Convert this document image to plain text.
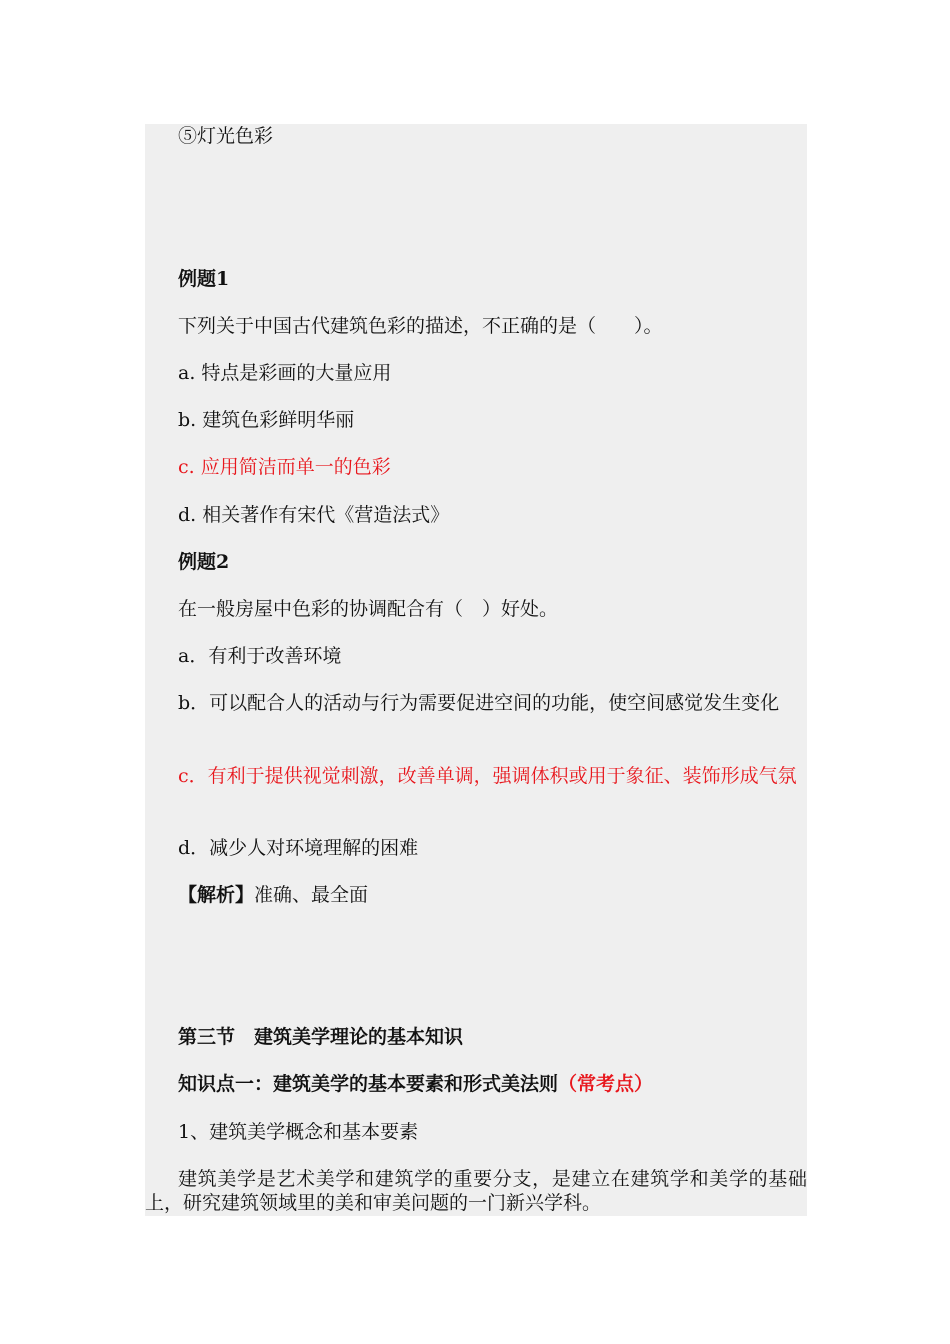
⑤灯光色彩
例题1
下列关于中国古代建筑色彩的描述，不正确的是（　　）。
a. 特点是彩画的大量应用
b. 建筑色彩鲜明华丽
c. 应用简洁而单一的色彩
d. 相关著作有宋代《营造法式》
例题2
在一般房屋中色彩的协调配合有（　）好处。
a．有利于改善环境
b．可以配合人的活动与行为需要促进空间的功能，使空间感觉发生变化
c．有利于提供视觉刺激，改善单调，强调体积或用于象征、装饰形成气氛
d．减少人对环境理解的困难
【解析】准确、最全面
第三节　建筑美学理论的基本知识
知识点一：建筑美学的基本要素和形式美法则（常考点）
1、建筑美学概念和基本要素
建筑美学是艺术美学和建筑学的重要分支，是建立在建筑学和美学的基础上，研究建筑领域里的美和审美问题的一门新兴学科。
